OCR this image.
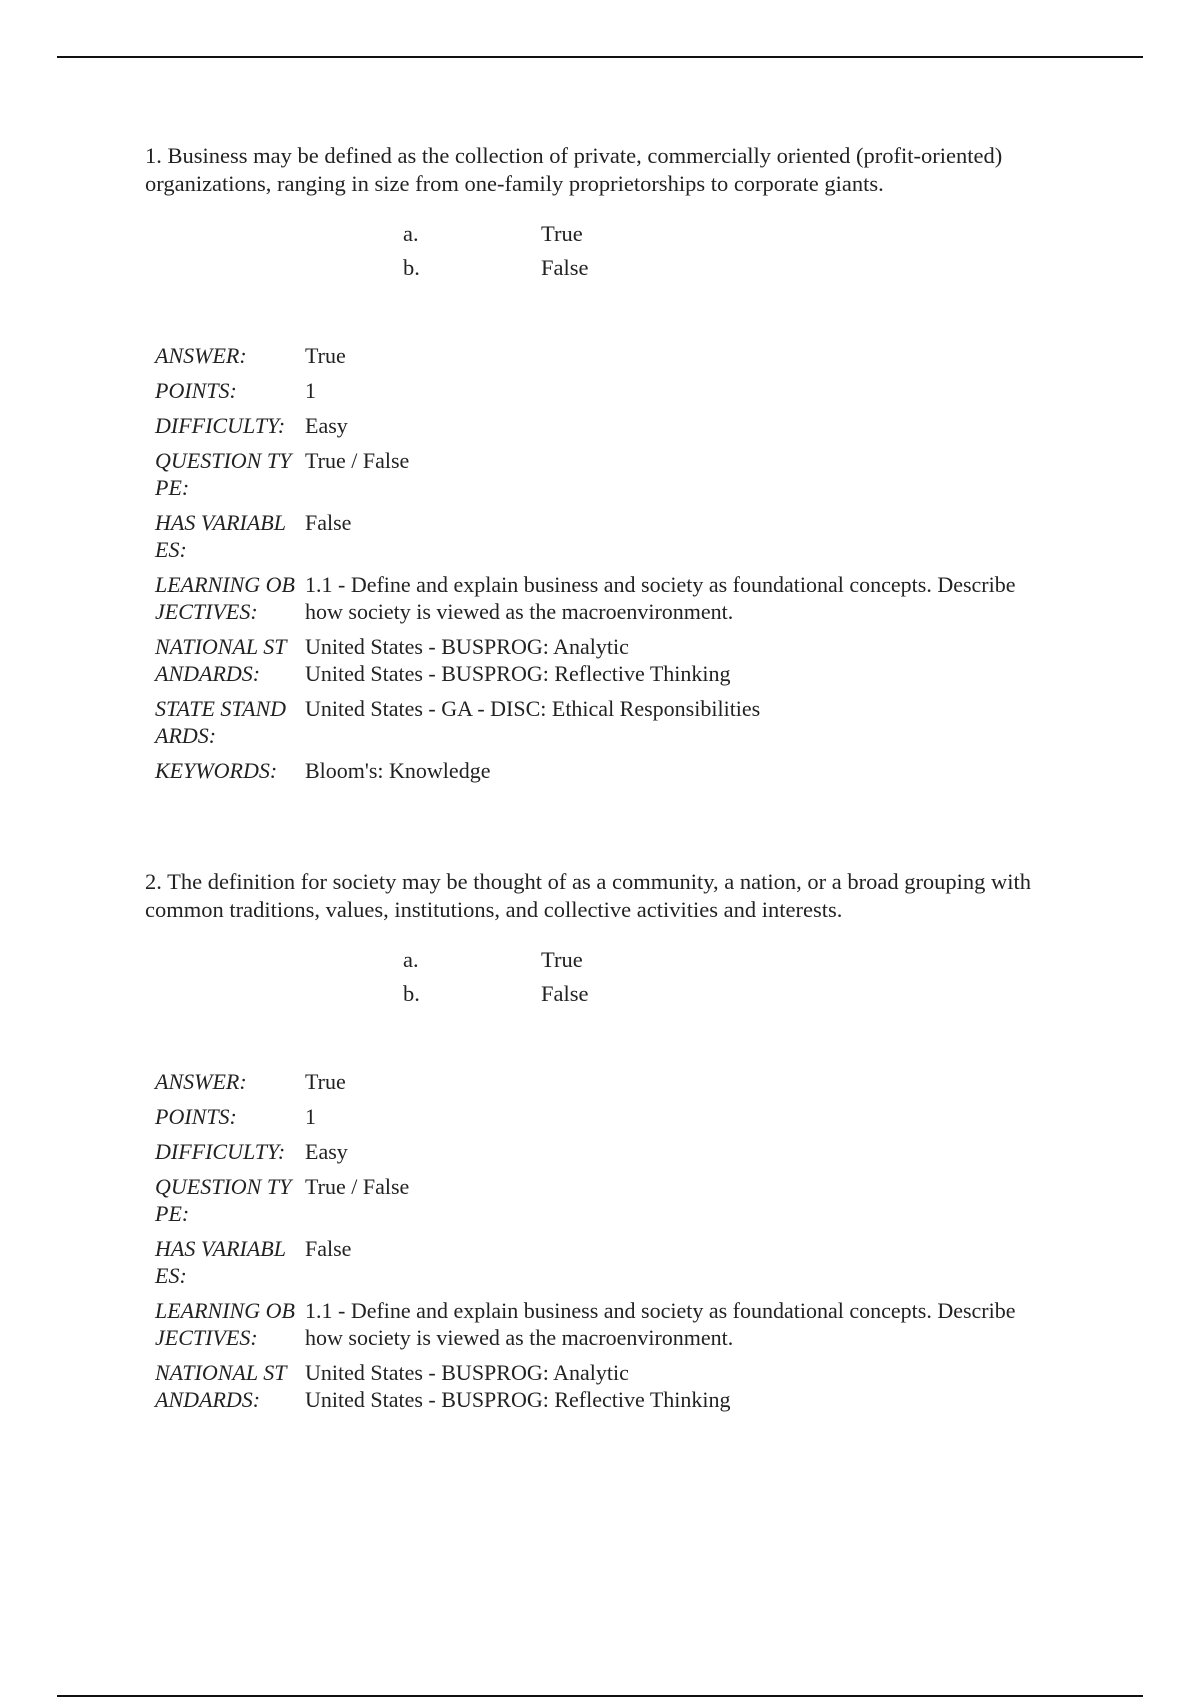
1. Business may be defined as the collection of private, commercially oriented (profit-oriented) organizations, ranging in size from one-family proprietorships to corporate giants.

a.	True
b.	False
ANSWER:	True
POINTS:	1
DIFFICULTY: Easy
QUESTION TYPE:
True / False
HAS VARIABLES:
False
LEARNING OBJECTIVES:
1.1 - Define and explain business and society as foundational concepts. Describe how society is viewed as the macroenvironment.
NATIONAL STANDARDS:
United States - BUSPROG: Analytic
United States - BUSPROG: Reflective Thinking
STATE STANDARDS:
United States - GA - DISC: Ethical Responsibilities
KEYWORDS:	Bloom's: Knowledge

2. The definition for society may be thought of as a community, a nation, or a broad grouping with common traditions, values, institutions, and collective activities and interests.

a.	True
b.	False
ANSWER:	True
POINTS:	1
DIFFICULTY: Easy
QUESTION TYPE:
True / False
HAS VARIABLES:
False
LEARNING OBJECTIVES:
1.1 - Define and explain business and society as foundational concepts. Describe how society is viewed as the macroenvironment.
NATIONAL STANDARDS:
United States - BUSPROG: Analytic
United States - BUSPROG: Reflective Thinking
